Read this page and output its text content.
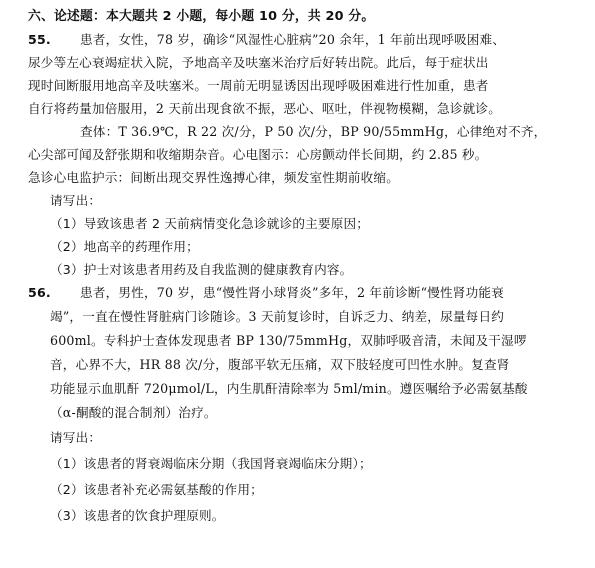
六、论述题：本大题共 2 小题，每小题 10 分，共 20 分。
55. 患者，女性，78 岁，确诊“风湿性心脏病”20 余年，1 年前出现呼吸困难、
尿少等左心衰竭症状入院，予地高辛及呋塞米治疗后好转出院。此后，每于症状出
现时间断服用地高辛及呋塞米。一周前无明显诱因出现呼吸困难进行性加重，患者
自行将药量加倍服用，2 天前出现食欲不振，恶心、呕吐，伴视物模糊，急诊就诊。
查体：T 36.9℃，R 22 次/分，P 50 次/分，BP 90/55mmHg，心律绝对不齐，
心尖部可闻及舒张期和收缩期杂音。心电图示：心房颤动伴长间期，约 2.85 秒。
急诊心电监护示：间断出现交界性逸搏心律，频发室性期前收缩。
请写出：
（1）导致该患者 2 天前病情变化急诊就诊的主要原因；
（2）地高辛的药理作用；
（3）护士对该患者用药及自我监测的健康教育内容。
56. 患者，男性，70 岁，患“慢性肾小球肾炎”多年，2 年前诊断“慢性肾功能衰
竭”，一直在慢性肾脏病门诊随诊。3 天前复诊时，自诉乏力、纳差，尿量每日约
600ml。专科护士查体发现患者 BP 130/75mmHg，双肺呼吸音清，未闻及干湿啰
音，心界不大，HR 88 次/分，腹部平软无压痛，双下肢轻度可凹性水肿。复查肾
功能显示血肌酐 720μmol/L，内生肌酐清除率为 5ml/min。遵医嘱给予必需氨基酸
（α-酮酸的混合制剂）治疗。
请写出：
（1）该患者的肾衰竭临床分期（我国肾衰竭临床分期）；
（2）该患者补充必需氨基酸的作用；
（3）该患者的饮食护理原则。
